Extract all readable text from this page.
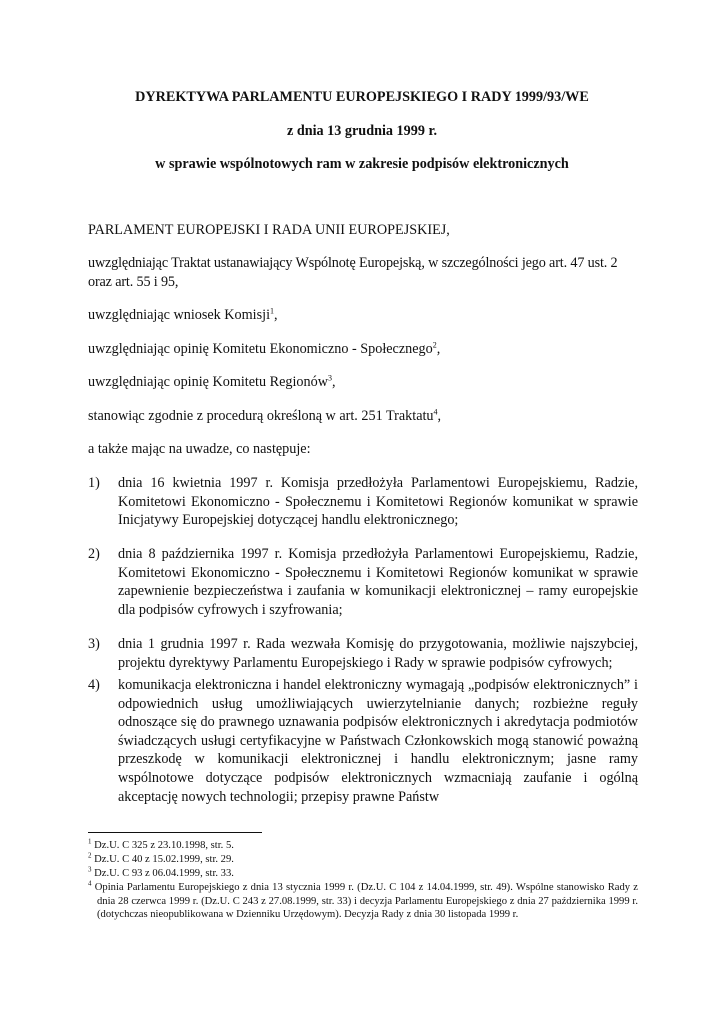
DYREKTYWA PARLAMENTU EUROPEJSKIEGO I RADY 1999/93/WE
z dnia 13 grudnia 1999 r.
w sprawie wspólnotowych ram w zakresie podpisów elektronicznych

PARLAMENT EUROPEJSKI I RADA UNII EUROPEJSKIEJ,

uwzględniając Traktat ustanawiający Wspólnotę Europejską, w szczególności jego art. 47 ust. 2 oraz art. 55 i 95,

uwzględniając wniosek Komisji$^1$,

uwzględniając opinię Komitetu Ekonomiczno - Społecznego$^2$,

uwzględniając opinię Komitetu Regionów$^3$,

stanowiąc zgodnie z procedurą określoną w art. 251 Traktatu$^4$,

a także mając na uwadze, co następuje:

1)	dnia 16 kwietnia 1997 r. Komisja przedłożyła Parlamentowi Europejskiemu, Radzie, Komitetowi Ekonomiczno - Społecznemu i Komitetowi Regionów komunikat w sprawie Inicjatywy Europejskiej dotyczącej handlu elektronicznego;
2)	dnia 8 października 1997 r. Komisja przedłożyła Parlamentowi Europejskiemu, Radzie, Komitetowi Ekonomiczno - Społecznemu i Komitetowi Regionów komunikat w sprawie zapewnienie bezpieczeństwa i zaufania w komunikacji elektronicznej – ramy europejskie dla podpisów cyfrowych i szyfrowania;
3)	dnia 1 grudnia 1997 r. Rada wezwała Komisję do przygotowania, możliwie najszybciej, projektu dyrektywy Parlamentu Europejskiego i Rady w sprawie podpisów cyfrowych;
4)	komunikacja elektroniczna i handel elektroniczny wymagają „podpisów elektronicznych” i odpowiednich usług umożliwiających uwierzytelnianie danych; rozbieżne reguły odnoszące się do prawnego uznawania podpisów elektronicznych i akredytacja podmiotów świadczących usługi certyfikacyjne w Państwach Członkowskich mogą stanowić poważną przeszkodę w komunikacji elektronicznej i handlu elektronicznym; jasne ramy wspólnotowe dotyczące podpisów elektronicznych wzmacniają zaufanie i ogólną akceptację nowych technologii; przepisy prawne Państw
$^1$ Dz.U. C 325 z 23.10.1998, str. 5.
$^2$ Dz.U. C 40 z 15.02.1999, str. 29.
$^3$ Dz.U. C 93 z 06.04.1999, str. 33.
$^4$ Opinia Parlamentu Europejskiego z dnia 13 stycznia 1999 r. (Dz.U. C 104 z 14.04.1999, str. 49). Wspólne stanowisko Rady z dnia 28 czerwca 1999 r. (Dz.U. C 243 z 27.08.1999, str. 33) i decyzja Parlamentu Europejskiego z dnia 27 października 1999 r. (dotychczas nieopublikowana w Dzienniku Urzędowym). Decyzja Rady z dnia 30 listopada 1999 r.
